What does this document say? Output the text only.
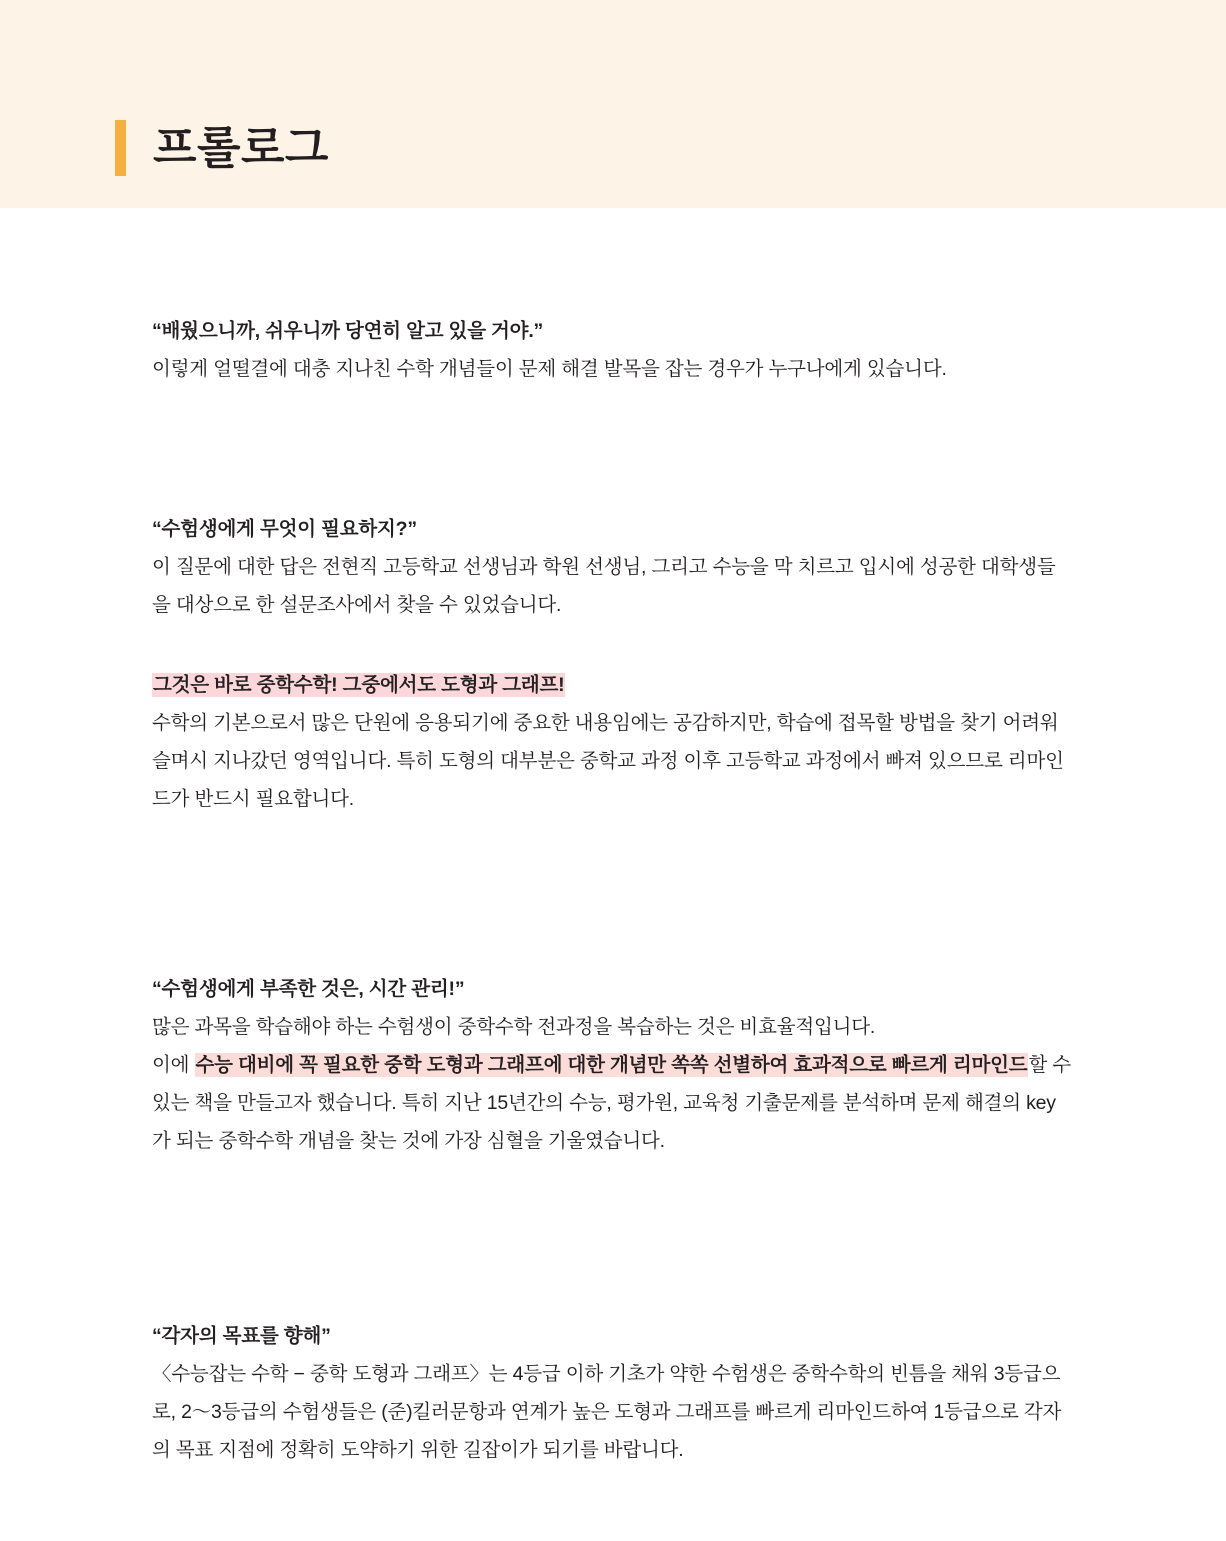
프롤로그

“배웠으니까, 쉬우니까 당연히 알고 있을 거야.”

이렇게 얼떨결에 대충 지나친 수학 개념들이 문제 해결 발목을 잡는 경우가 누구나에게 있습니다.

“수험생에게 무엇이 필요하지?”

이 질문에 대한 답은 전현직 고등학교 선생님과 학원 선생님, 그리고 수능을 막 치르고 입시에 성공한 대학생들을 대상으로 한 설문조사에서 찾을 수 있었습니다.

그것은 바로 중학수학! 그중에서도 도형과 그래프!

수학의 기본으로서 많은 단원에 응용되기에 중요한 내용임에는 공감하지만, 학습에 접목할 방법을 찾기 어려워 슬며시 지나갔던 영역입니다. 특히 도형의 대부분은 중학교 과정 이후 고등학교 과정에서 빠져 있으므로 리마인드가 반드시 필요합니다.

“수험생에게 부족한 것은, 시간 관리!”

많은 과목을 학습해야 하는 수험생이 중학수학 전과정을 복습하는 것은 비효율적입니다.

이에 수능 대비에 꼭 필요한 중학 도형과 그래프에 대한 개념만 쏙쏙 선별하여 효과적으로 빠르게 리마인드할 수 있는 책을 만들고자 했습니다. 특히 지난 15년간의 수능, 평가원, 교육청 기출문제를 분석하며 문제 해결의 key가 되는 중학수학 개념을 찾는 것에 가장 심혈을 기울였습니다.

“각자의 목표를 향해”

〈수능잡는 수학 − 중학 도형과 그래프〉는 4등급 이하 기초가 약한 수험생은 중학수학의 빈틈을 채워 3등급으로, 2〜3등급의 수험생들은 (준)킬러문항과 연계가 높은 도형과 그래프를 빠르게 리마인드하여 1등급으로 각자의 목표 지점에 정확히 도약하기 위한 길잡이가 되기를 바랍니다.
